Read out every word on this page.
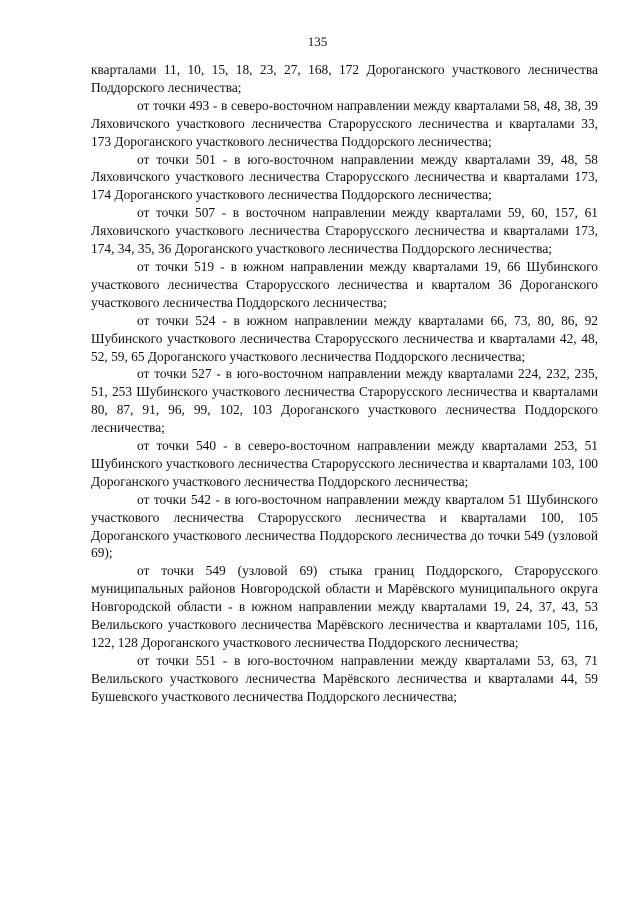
135

кварталами 11, 10, 15, 18, 23, 27, 168, 172 Дороганского участкового лесничества Поддорского лесничества;

от точки 493 - в северо-восточном направлении между кварталами 58, 48, 38, 39 Ляховичского участкового лесничества Старорусского лесничества и кварталами 33, 173 Дороганского участкового лесничества Поддорского лесничества;

от точки 501 - в юго-восточном направлении между кварталами 39, 48, 58 Ляховичского участкового лесничества Старорусского лесничества и кварталами 173, 174 Дороганского участкового лесничества Поддорского лесничества;

от точки 507 - в восточном направлении между кварталами 59, 60, 157, 61 Ляховичского участкового лесничества Старорусского лесничества и кварталами 173, 174, 34, 35, 36 Дороганского участкового лесничества Поддорского лесничества;

от точки 519 - в южном направлении между кварталами 19, 66 Шубинского участкового лесничества Старорусского лесничества и кварталом 36 Дороганского участкового лесничества Поддорского лесничества;

от точки 524 - в южном направлении между кварталами 66, 73, 80, 86, 92 Шубинского участкового лесничества Старорусского лесничества и кварталами 42, 48, 52, 59, 65 Дороганского участкового лесничества Поддорского лесничества;

от точки 527 - в юго-восточном направлении между кварталами 224, 232, 235, 51, 253 Шубинского участкового лесничества Старорусского лесничества и кварталами 80, 87, 91, 96, 99, 102, 103 Дороганского участкового лесничества Поддорского лесничества;

от точки 540 - в северо-восточном направлении между кварталами 253, 51 Шубинского участкового лесничества Старорусского лесничества и кварталами 103, 100 Дороганского участкового лесничества Поддорского лесничества;

от точки 542 - в юго-восточном направлении между кварталом 51 Шубинского участкового лесничества Старорусского лесничества и кварталами 100, 105 Дороганского участкового лесничества Поддорского лесничества до точки 549 (узловой 69);

от точки 549 (узловой 69) стыка границ Поддорского, Старорусского муниципальных районов Новгородской области и Марёвского муниципального округа Новгородской области - в южном направлении между кварталами 19, 24, 37, 43, 53 Велильского участкового лесничества Марёвского лесничества и кварталами 105, 116, 122, 128 Дороганского участкового лесничества Поддорского лесничества;

от точки 551 - в юго-восточном направлении между кварталами 53, 63, 71 Велильского участкового лесничества Марёвского лесничества и кварталами 44, 59 Бушевского участкового лесничества Поддорского лесничества;
